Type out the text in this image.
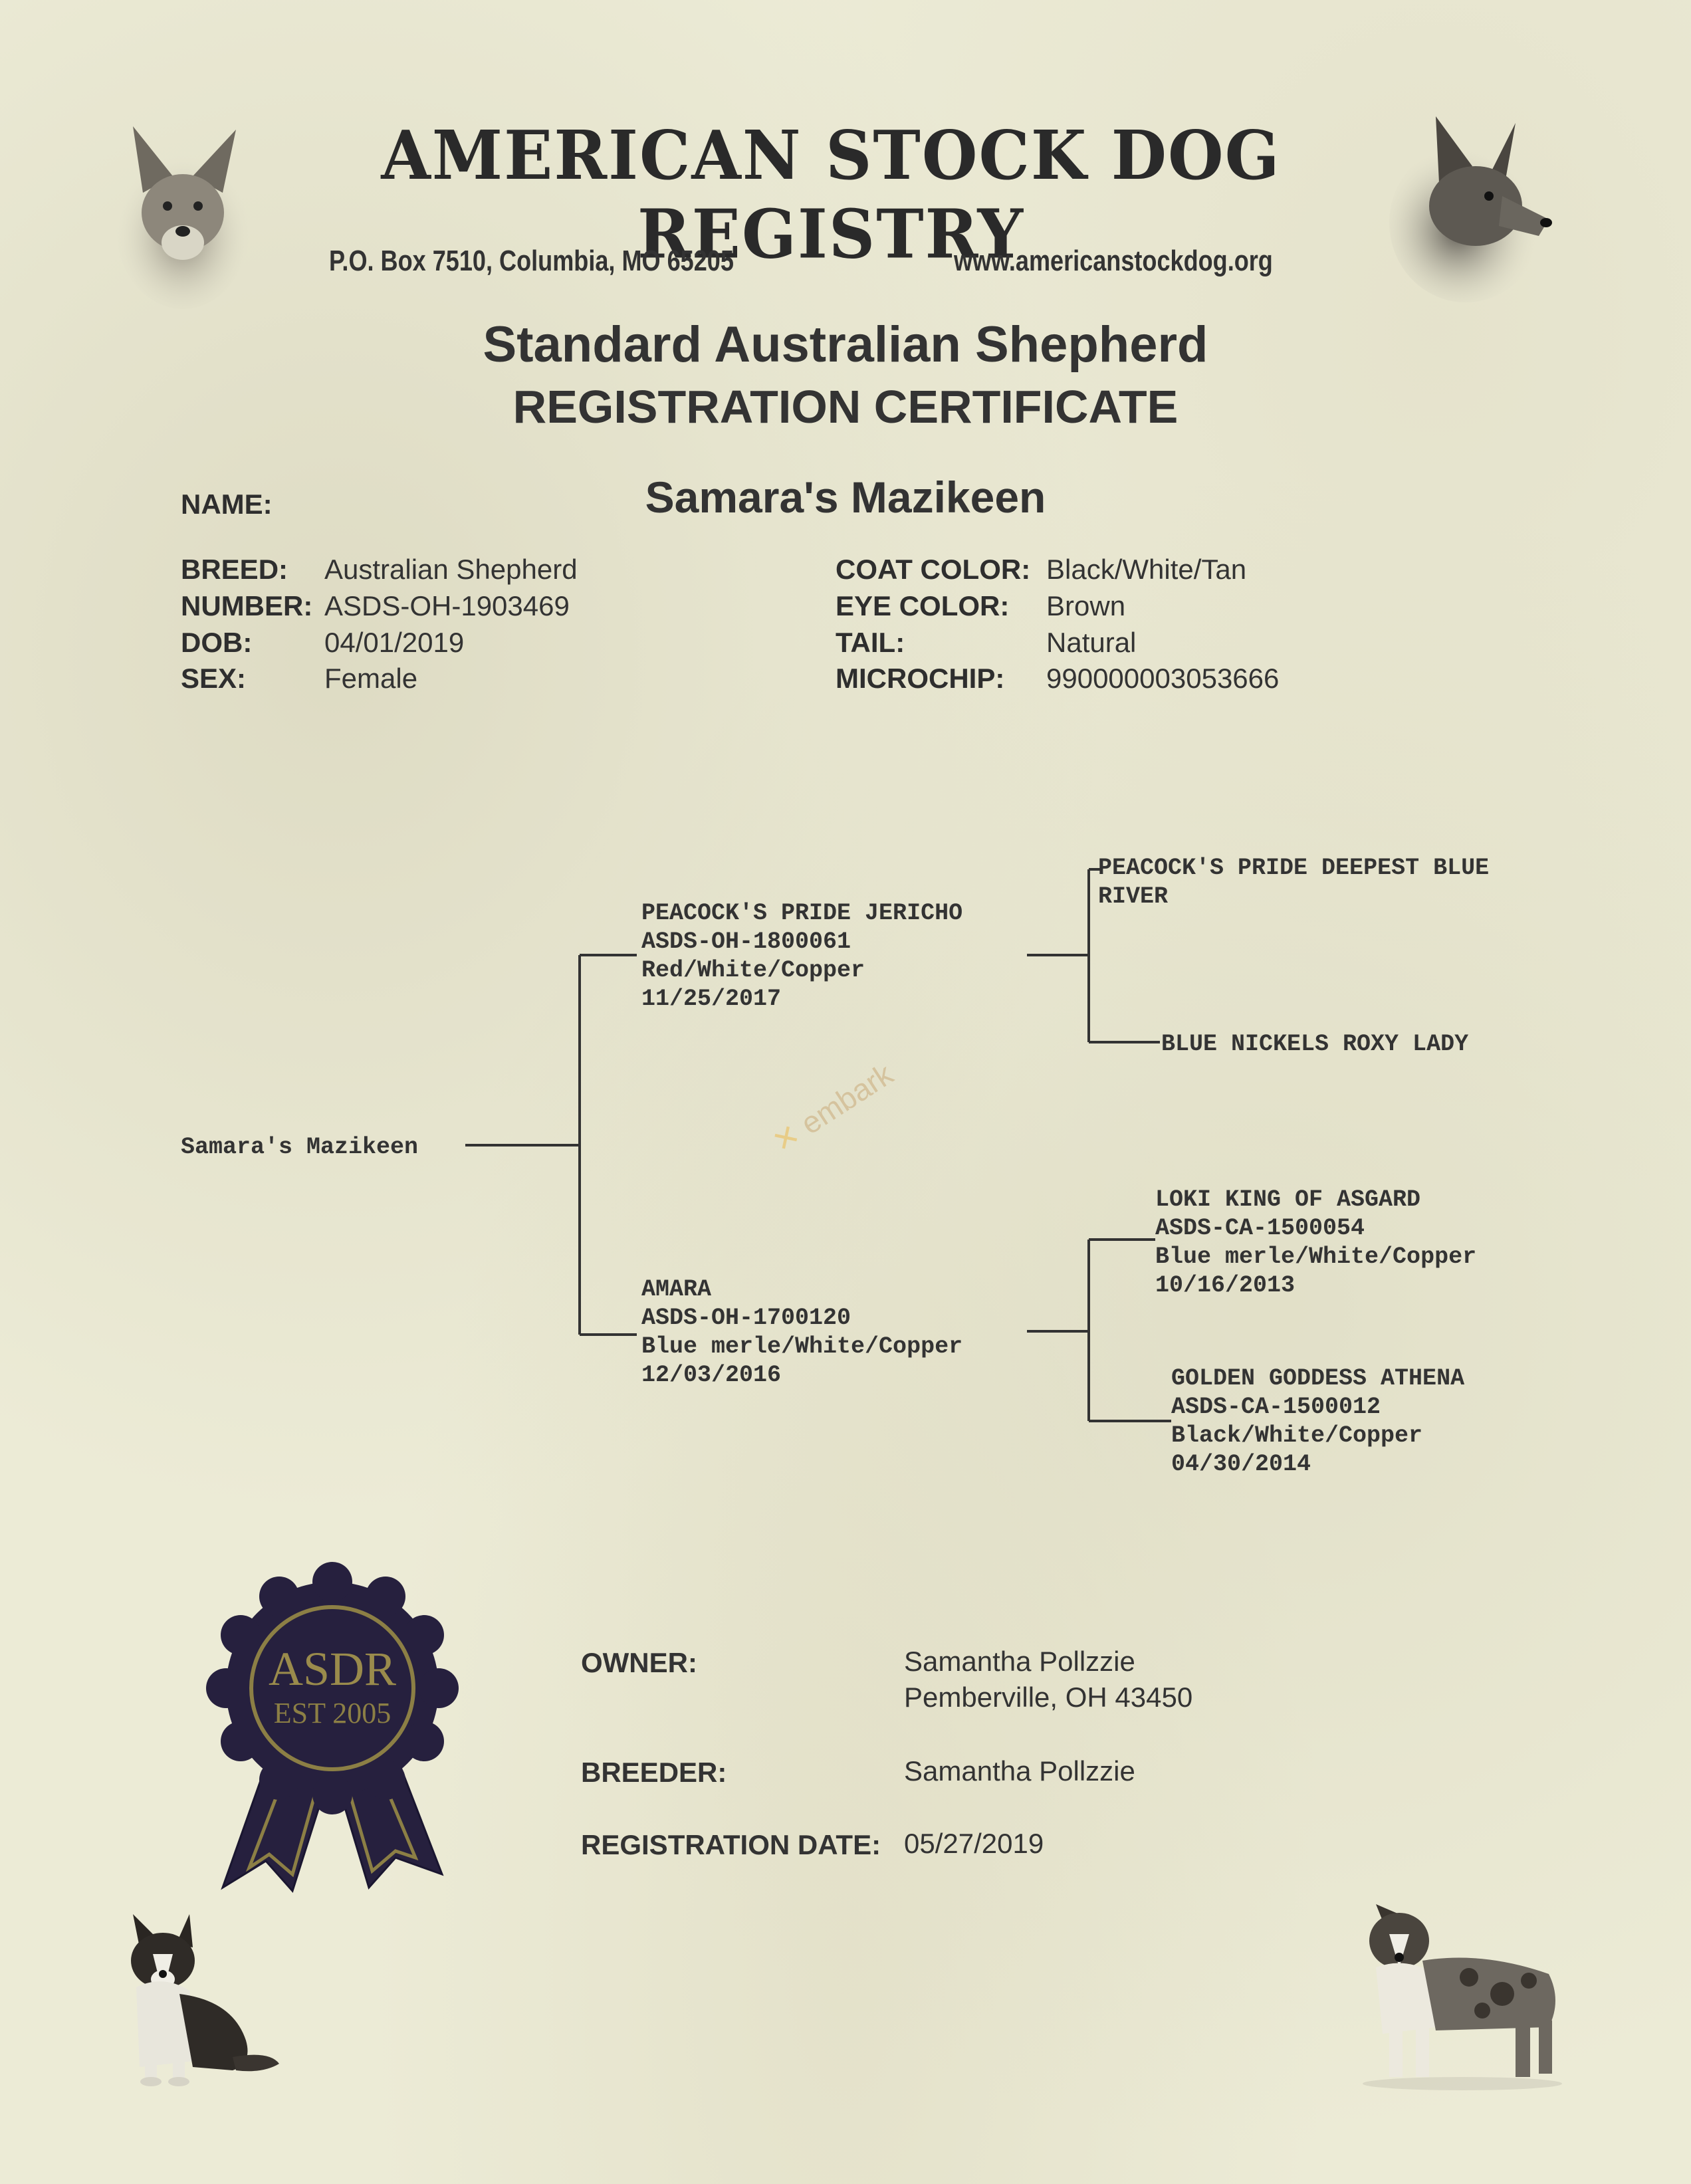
AMERICAN STOCK DOG REGISTRY
P.O. Box 7510, Columbia, MO 65205	www.americanstockdog.org
Standard Australian Shepherd
REGISTRATION CERTIFICATE
NAME:	Samara's Mazikeen
BREED: Australian Shepherd
NUMBER: ASDS-OH-1903469
DOB:	04/01/2019
SEX:	Female
COAT COLOR: Black/White/Tan
EYE COLOR: Brown
TAIL:	Natural
MICROCHIP: 990000003053666
Samara's Mazikeen
PEACOCK'S PRIDE JERICHO
ASDS-OH-1800061
Red/White/Copper
11/25/2017
AMARA
ASDS-OH-1700120
Blue merle/White/Copper
12/03/2016
PEACOCK'S PRIDE DEEPEST BLUE
RIVER
BLUE NICKELS ROXY LADY
LOKI KING OF ASGARD
ASDS-CA-1500054
Blue merle/White/Copper
10/16/2013
GOLDEN GODDESS ATHENA
ASDS-CA-1500012
Black/White/Copper
04/30/2014
✕ embark
ASDR
EST 2005
OWNER:	Samantha Pollzzie
Pemberville, OH 43450
BREEDER:	Samantha Pollzzie
REGISTRATION DATE: 05/27/2019
